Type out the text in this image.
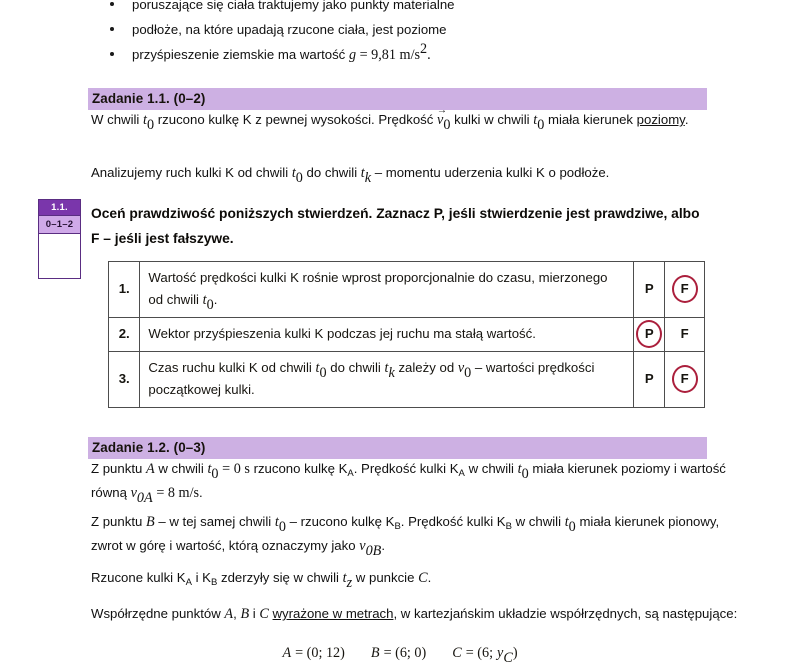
poruszające się ciała traktujemy jako punkty materialne
podłoże, na które upadają rzucone ciała, jest poziome
przyśpieszenie ziemskie ma wartość g = 9,81 $m/s^2$.
Zadanie 1.1. (0–2)
W chwili $t_0$ rzucono kulkę K z pewnej wysokości. Prędkość → $v_0$ kulki w chwili $t_0$ miała kierunek poziomy.
Analizujemy ruch kulki K od chwili $t_0$ do chwili $t_k$ – momentu uderzenia kulki K o podłoże.
1.1.
0–1–2
Oceń prawdziwość poniższych stwierdzeń. Zaznacz P, jeśli stwierdzenie jest prawdziwe, albo F – jeśli jest fałszywe.
1.	Wartość prędkości kulki K rośnie wprost proporcjonalnie do czasu, mierzonego od chwili $t_0$.	P	F
2.	Wektor przyśpieszenia kulki K podczas jej ruchu ma stałą wartość.	P	F
3.	Czas ruchu kulki K od chwili $t_0$ do chwili $t_k$ zależy od $v_0$ – wartości prędkości początkowej kulki.	P	F
Zadanie 1.2. (0–3)
Z punktu A w chwili $t_0 = 0$ s rzucono kulkę $K_A$. Prędkość kulki $K_A$ w chwili $t_0$ miała kierunek poziomy i wartość równą $v_{0A} = 8$ m/s.
Z punktu B – w tej samej chwili $t_0$ – rzucono kulkę $K_B$. Prędkość kulki $K_B$ w chwili $t_0$ miała kierunek pionowy, zwrot w górę i wartość, którą oznaczymy jako $v_{0B}$.
Rzucone kulki $K_A$ i $K_B$ zderzyły się w chwili $t_z$ w punkcie C.
Współrzędne punktów A, B i C wyrażone w metrach, w kartezjańskim układzie współrzędnych, są następujące:
A = (0; 12) B = (6; 0) C = (6; $y_C$)
